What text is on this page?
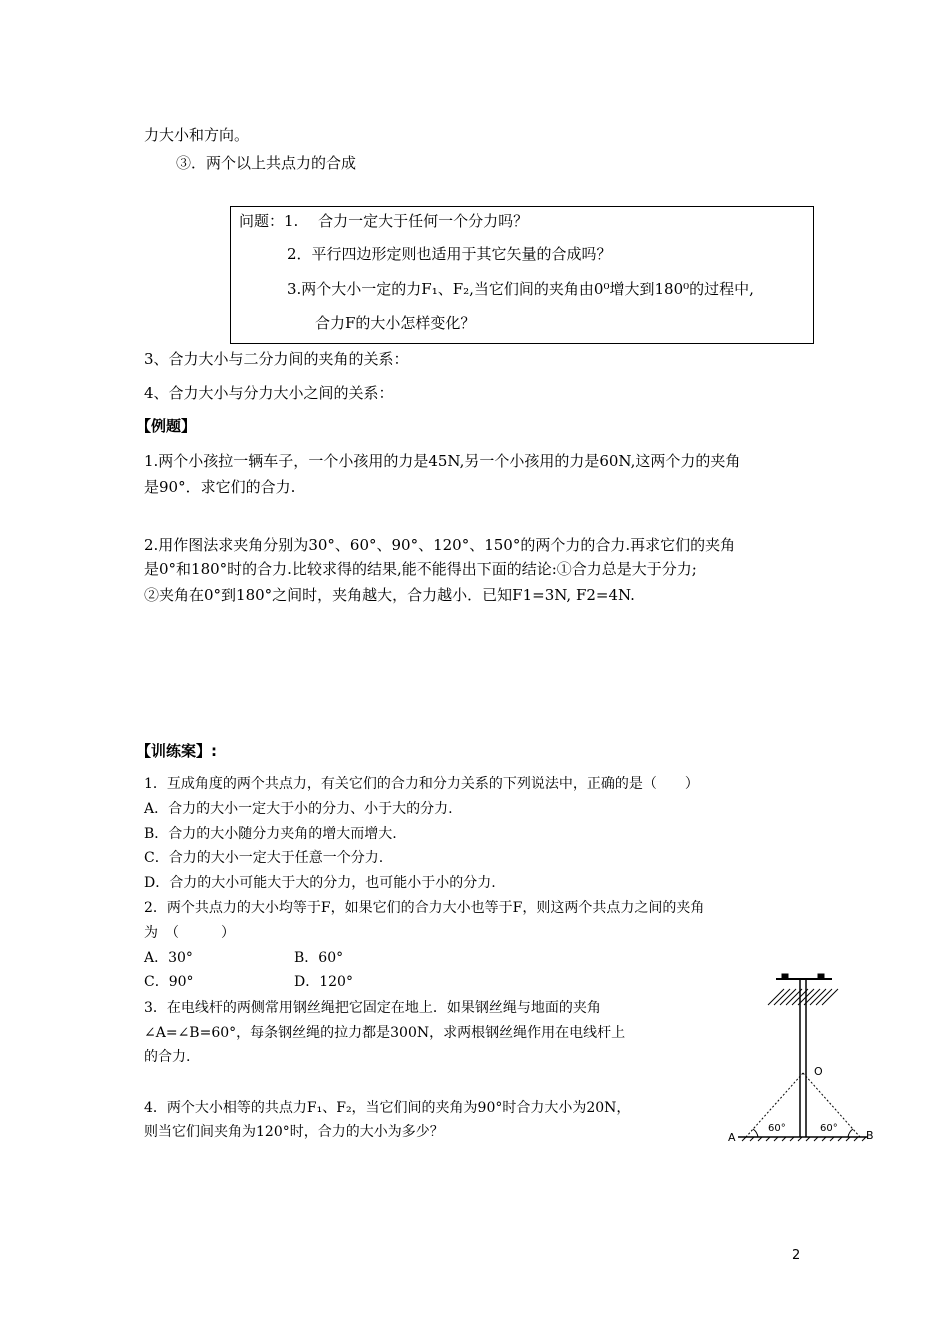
力大小和方向。
③．两个以上共点力的合成
问题：1.　 合力一定大于任何一个分力吗？
2．平行四边形定则也适用于其它矢量的合成吗？
3.两个大小一定的力F₁、F₂,当它们间的夹角由0⁰增大到180⁰的过程中,
合力F的大小怎样变化？
3、合力大小与二分力间的夹角的关系：
4、合力大小与分力大小之间的关系：
【例题】
1.两个小孩拉一辆车子，一个小孩用的力是45N,另一个小孩用的力是60N,这两个力的夹角
是90°．求它们的合力.
2.用作图法求夹角分别为30°、60°、90°、120°、150°的两个力的合力.再求它们的夹角
是0°和180°时的合力.比较求得的结果,能不能得出下面的结论:①合力总是大于分力;
②夹角在0°到180°之间时，夹角越大，合力越小．已知F1=3N, F2=4N.
【训练案】:
1．互成角度的两个共点力，有关它们的合力和分力关系的下列说法中，正确的是（　　）
A．合力的大小一定大于小的分力、小于大的分力.
B．合力的大小随分力夹角的增大而增大.
C．合力的大小一定大于任意一个分力.
D．合力的大小可能大于大的分力，也可能小于小的分力.
2．两个共点力的大小均等于F，如果它们的合力大小也等于F，则这两个共点力之间的夹角
为　（　　　）
A．30°	B．60°
C．90°	D．120°
3．在电线杆的两侧常用钢丝绳把它固定在地上．如果钢丝绳与地面的夹角
∠A=∠B=60°，每条钢丝绳的拉力都是300N，求两根钢丝绳作用在电线杆上
的合力.
4．两个大小相等的共点力F₁、F₂，当它们间的夹角为90°时合力大小为20N，
则当它们间夹角为120°时，合力的大小为多少？
O
A	B
60°	60°
2
